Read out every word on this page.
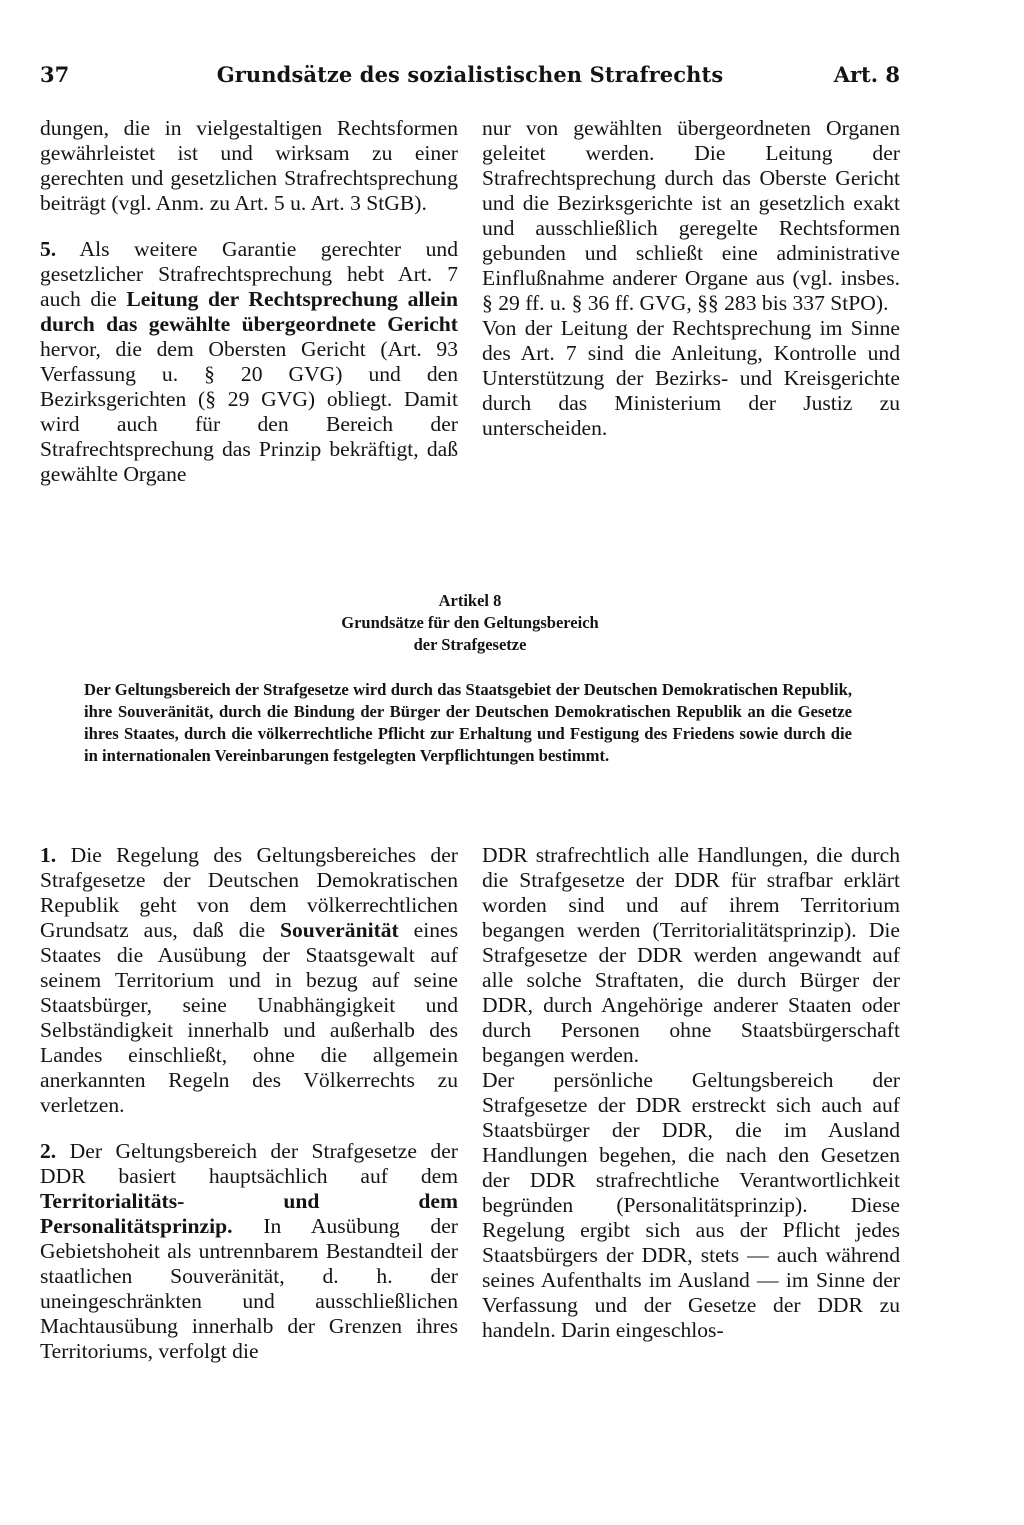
37	Grundsätze des sozialistischen Strafrechts	Art. 8

dungen, die in vielgestaltigen Rechtsformen gewährleistet ist und wirksam zu einer gerechten und gesetzlichen Strafrechtsprechung beiträgt (vgl. Anm. zu Art. 5 u. Art. 3 StGB).

5. Als weitere Garantie gerechter und gesetzlicher Strafrechtsprechung hebt Art. 7 auch die Leitung der Rechtsprechung allein durch das gewählte übergeordnete Gericht hervor, die dem Obersten Gericht (Art. 93 Verfassung u. § 20 GVG) und den Bezirksgerichten (§ 29 GVG) obliegt. Damit wird auch für den Bereich der Strafrechtsprechung das Prinzip bekräftigt, daß gewählte Organe

nur von gewählten übergeordneten Organen geleitet werden. Die Leitung der Strafrechtsprechung durch das Oberste Gericht und die Bezirksgerichte ist an gesetzlich exakt und ausschließlich geregelte Rechtsformen gebunden und schließt eine administrative Einflußnahme anderer Organe aus (vgl. insbes. § 29 ff. u. § 36 ff. GVG, §§ 283 bis 337 StPO).

Von der Leitung der Rechtsprechung im Sinne des Art. 7 sind die Anleitung, Kontrolle und Unterstützung der Bezirks- und Kreisgerichte durch das Ministerium der Justiz zu unterscheiden.

Artikel 8
Grundsätze für den Geltungsbereich
der Strafgesetze

Der Geltungsbereich der Strafgesetze wird durch das Staatsgebiet der Deutschen Demokratischen Republik, ihre Souveränität, durch die Bindung der Bürger der Deutschen Demokratischen Republik an die Gesetze ihres Staates, durch die völkerrechtliche Pflicht zur Erhaltung und Festigung des Friedens sowie durch die in internationalen Vereinbarungen festgelegten Verpflichtungen bestimmt.

1. Die Regelung des Geltungsbereiches der Strafgesetze der Deutschen Demokratischen Republik geht von dem völkerrechtlichen Grundsatz aus, daß die Souveränität eines Staates die Ausübung der Staatsgewalt auf seinem Territorium und in bezug auf seine Staatsbürger, seine Unabhängigkeit und Selbständigkeit innerhalb und außerhalb des Landes einschließt, ohne die allgemein anerkannten Regeln des Völkerrechts zu verletzen.

2. Der Geltungsbereich der Strafgesetze der DDR basiert hauptsächlich auf dem Territorialitäts- und dem Personalitätsprinzip. In Ausübung der Gebietshoheit als untrennbarem Bestandteil der staatlichen Souveränität, d. h. der uneingeschränkten und ausschließlichen Machtausübung innerhalb der Grenzen ihres Territoriums, verfolgt die

DDR strafrechtlich alle Handlungen, die durch die Strafgesetze der DDR für strafbar erklärt worden sind und auf ihrem Territorium begangen werden (Territorialitätsprinzip). Die Strafgesetze der DDR werden angewandt auf alle solche Straftaten, die durch Bürger der DDR, durch Angehörige anderer Staaten oder durch Personen ohne Staatsbürgerschaft begangen werden.

Der persönliche Geltungsbereich der Strafgesetze der DDR erstreckt sich auch auf Staatsbürger der DDR, die im Ausland Handlungen begehen, die nach den Gesetzen der DDR strafrechtliche Verantwortlichkeit begründen (Personalitätsprinzip). Diese Regelung ergibt sich aus der Pflicht jedes Staatsbürgers der DDR, stets — auch während seines Aufenthalts im Ausland — im Sinne der Verfassung und der Gesetze der DDR zu handeln. Darin eingeschlos-
